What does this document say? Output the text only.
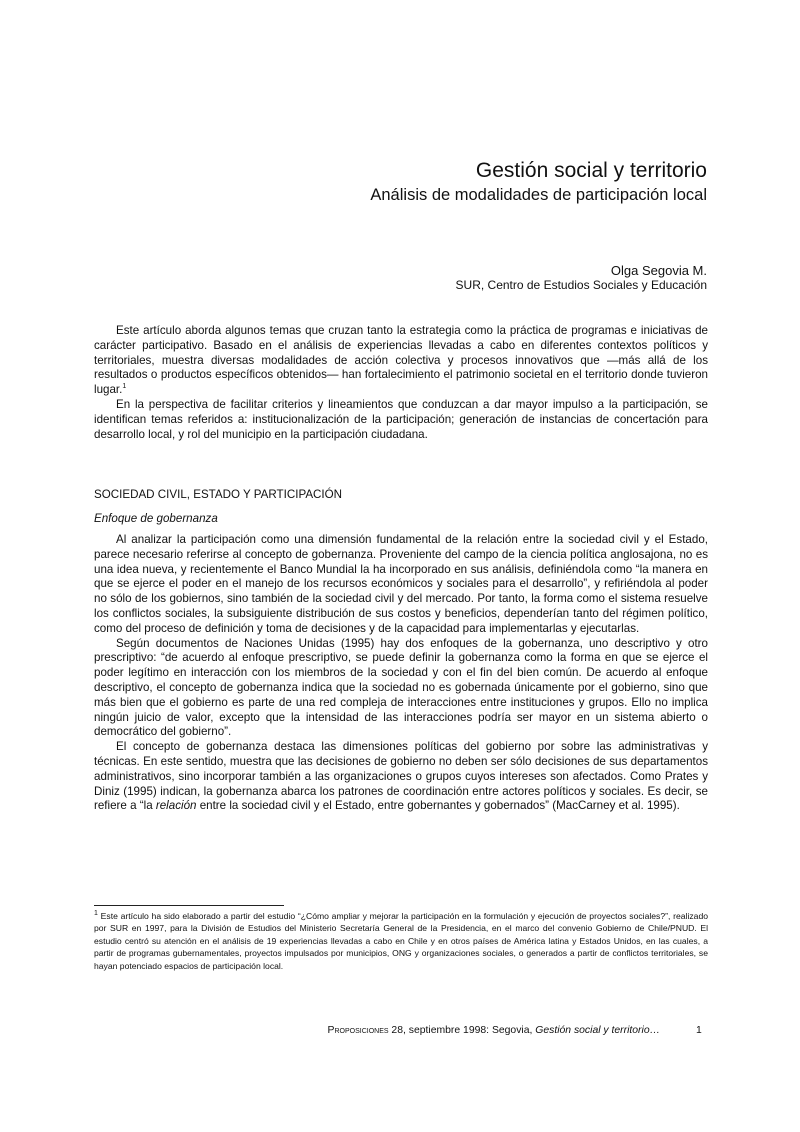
Gestión social y territorio
Análisis de modalidades de participación local
Olga Segovia M.
SUR, Centro de Estudios Sociales y Educación

Este artículo aborda algunos temas que cruzan tanto la estrategia como la práctica de programas e iniciativas de carácter participativo. Basado en el análisis de experiencias llevadas a cabo en diferentes contextos políticos y territoriales, muestra diversas modalidades de acción colectiva y procesos innovativos que —más allá de los resultados o productos específicos obtenidos— han fortalecimiento el patrimonio societal en el territorio donde tuvieron lugar.$^1$

En la perspectiva de facilitar criterios y lineamientos que conduzcan a dar mayor impulso a la participación, se identifican temas referidos a: institucionalización de la participación; generación de instancias de concertación para desarrollo local, y rol del municipio en la participación ciudadana.

SOCIEDAD CIVIL, ESTADO Y PARTICIPACIÓN
Enfoque de gobernanza

Al analizar la participación como una dimensión fundamental de la relación entre la sociedad civil y el Estado, parece necesario referirse al concepto de gobernanza. Proveniente del campo de la ciencia política anglosajona, no es una idea nueva, y recientemente el Banco Mundial la ha incorporado en sus análisis, definiéndola como “la manera en que se ejerce el poder en el manejo de los recursos económicos y sociales para el desarrollo”, y refiriéndola al poder no sólo de los gobiernos, sino también de la sociedad civil y del mercado. Por tanto, la forma como el sistema resuelve los conflictos sociales, la subsiguiente distribución de sus costos y beneficios, dependerían tanto del régimen político, como del proceso de definición y toma de decisiones y de la capacidad para implementarlas y ejecutarlas.

Según documentos de Naciones Unidas (1995) hay dos enfoques de la gobernanza, uno descriptivo y otro prescriptivo: “de acuerdo al enfoque prescriptivo, se puede definir la gobernanza como la forma en que se ejerce el poder legítimo en interacción con los miembros de la sociedad y con el fin del bien común. De acuerdo al enfoque descriptivo, el concepto de gobernanza indica que la sociedad no es gobernada únicamente por el gobierno, sino que más bien que el gobierno es parte de una red compleja de interacciones entre instituciones y grupos. Ello no implica ningún juicio de valor, excepto que la intensidad de las interacciones podría ser mayor en un sistema abierto o democrático del gobierno”.

El concepto de gobernanza destaca las dimensiones políticas del gobierno por sobre las administrativas y técnicas. En este sentido, muestra que las decisiones de gobierno no deben ser sólo decisiones de sus departamentos administrativos, sino incorporar también a las organizaciones o grupos cuyos intereses son afectados. Como Prates y Diniz (1995) indican, la gobernanza abarca los patrones de coordinación entre actores políticos y sociales. Es decir, se refiere a “la relación entre la sociedad civil y el Estado, entre gobernantes y gobernados” (MacCarney et al. 1995).

$^1$ Este artículo ha sido elaborado a partir del estudio “¿Cómo ampliar y mejorar la participación en la formulación y ejecución de proyectos sociales?”, realizado por SUR en 1997, para la División de Estudios del Ministerio Secretaría General de la Presidencia, en el marco del convenio Gobierno de Chile/PNUD. El estudio centró su atención en el análisis de 19 experiencias llevadas a cabo en Chile y en otros países de América latina y Estados Unidos, en las cuales, a partir de programas gubernamentales, proyectos impulsados por municipios, ONG y organizaciones sociales, o generados a partir de conflictos territoriales, se hayan potenciado espacios de participación local.
Proposiciones 28, septiembre 1998: Segovia, Gestión social y territorio…	1
